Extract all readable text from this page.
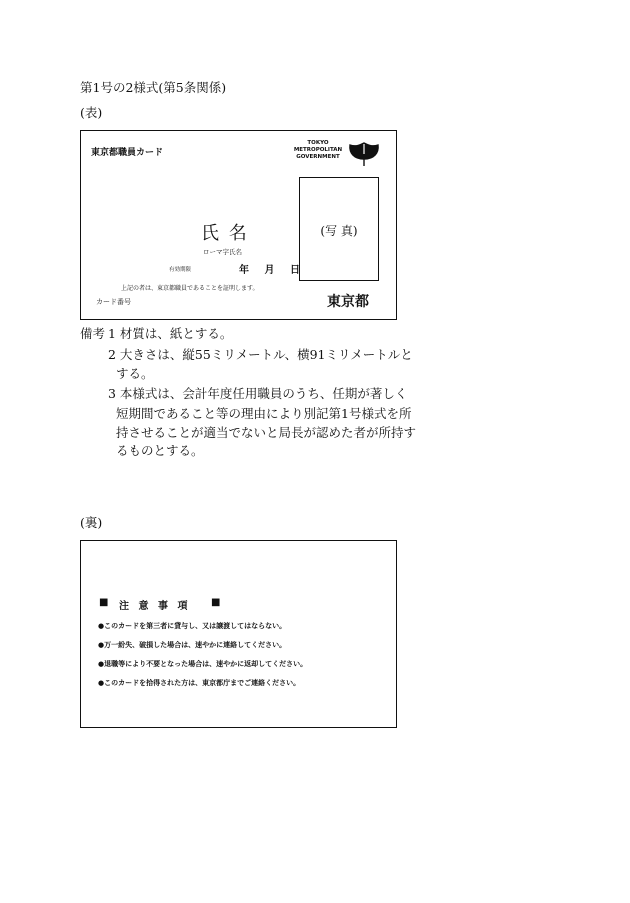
第1号の2様式(第5条関係)
(表)
東京都職員カード
TOKYO
METROPOLITAN
GOVERNMENT
(写 真)
氏 名
ローマ字氏名
有効期限	年 月 日
上記の者は、東京都職員であることを証明します。
カード番号	東京都
備考 1 材質は、紙とする。
2 大きさは、縦55ミリメートル、横91ミリメートルと
する。
3 本様式は、会計年度任用職員のうち、任期が著しく
短期間であること等の理由により別記第1号様式を所
持させることが適当でないと局長が認めた者が所持す
るものとする。
(裏)
■ 注 意 事 項 ■
●このカードを第三者に貸与し、又は譲渡してはならない。
●万一紛失、破損した場合は、速やかに連絡してください。
●退職等により不要となった場合は、速やかに返却してください。
●このカードを拾得された方は、東京都庁までご連絡ください。
